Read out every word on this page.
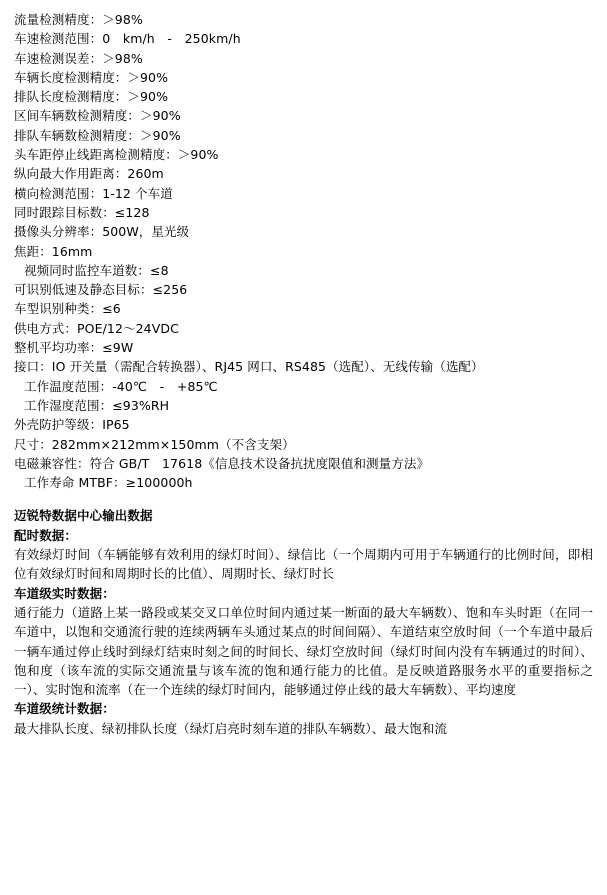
流量检测精度：＞98%
车速检测范围：0　km/h　-　250km/h
车速检测误差：＞98%
车辆长度检测精度：＞90%
排队长度检测精度：＞90%
区间车辆数检测精度：＞90%
排队车辆数检测精度：＞90%
头车距停止线距离检测精度：＞90%
纵向最大作用距离：260m
横向检测范围：1-12 个车道
同时跟踪目标数：≤128
摄像头分辨率：500W，星光级
焦距：16mm
视频同时监控车道数：≤8
可识别低速及静态目标：≤256
车型识别种类：≤6
供电方式：POE/12～24VDC
整机平均功率：≤9W
接口：IO 开关量（需配合转换器）、RJ45 网口、RS485（选配）、无线传输（选配）
工作温度范围：-40℃　-　+85℃
工作湿度范围：≤93%RH
外壳防护等级：IP65
尺寸：282mm×212mm×150mm（不含支架）
电磁兼容性：符合 GB/T　17618《信息技术设备抗扰度限值和测量方法》
工作寿命 MTBF：≥100000h
迈锐特数据中心输出数据
配时数据：
有效绿灯时间（车辆能够有效利用的绿灯时间）、绿信比（一个周期内可用于车辆通行的比例时间，即相位有效绿灯时间和周期时长的比值）、周期时长、绿灯时长
车道级实时数据：
通行能力（道路上某一路段或某交叉口单位时间内通过某一断面的最大车辆数）、饱和车头时距（在同一车道中，以饱和交通流行驶的连续两辆车头通过某点的时间间隔）、车道结束空放时间（一个车道中最后一辆车通过停止线时到绿灯结束时刻之间的时间长、绿灯空放时间（绿灯时间内没有车辆通过的时间）、饱和度（该车流的实际交通流量与该车流的饱和通行能力的比值。是反映道路服务水平的重要指标之一）、实时饱和流率（在一个连续的绿灯时间内，能够通过停止线的最大车辆数）、平均速度
车道级统计数据：
最大排队长度、绿初排队长度（绿灯启亮时刻车道的排队车辆数）、最大饱和流
